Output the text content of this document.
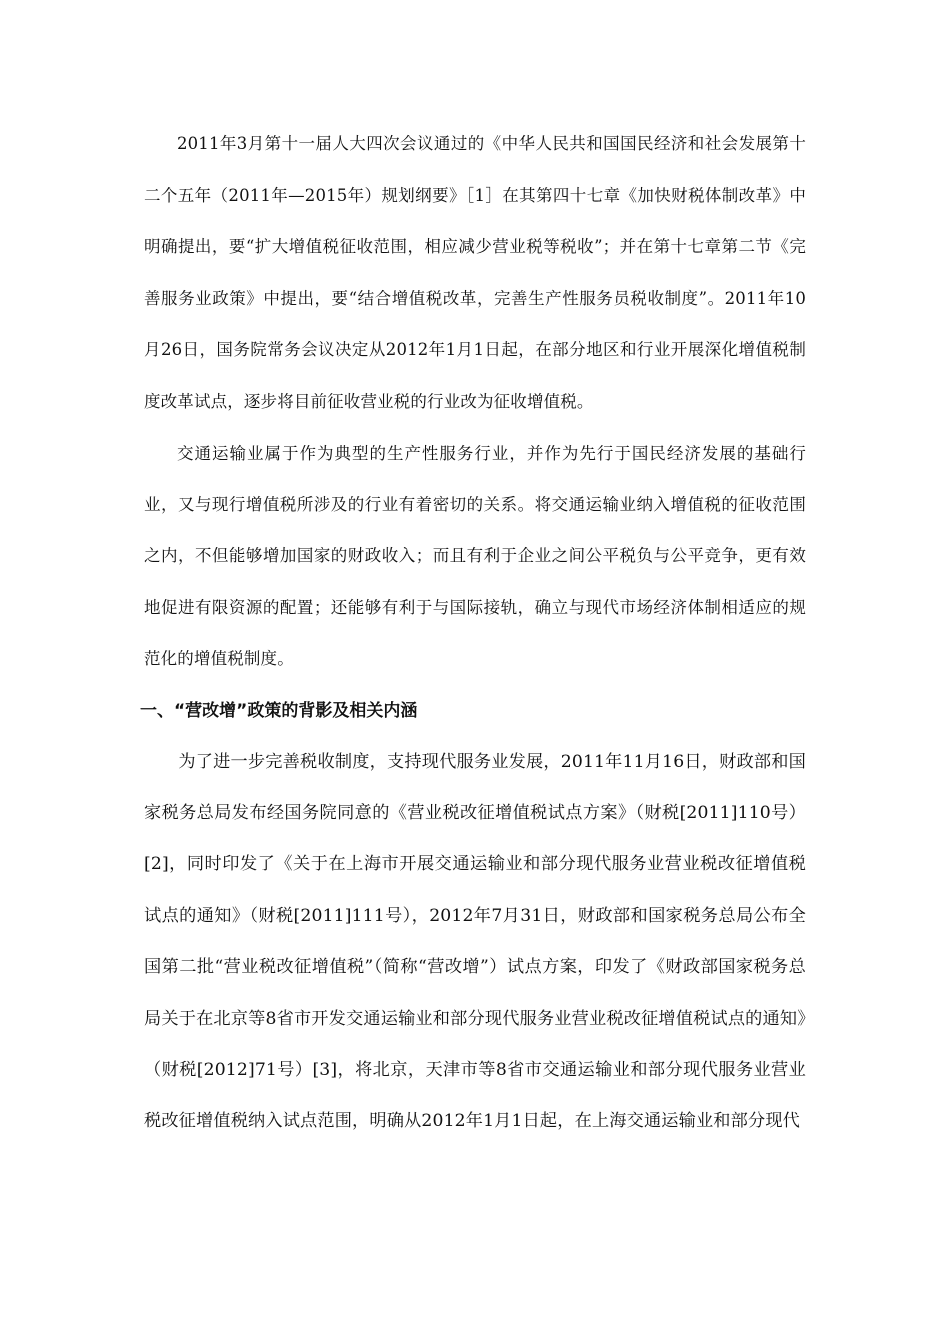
2011年3月第十一届人大四次会议通过的《中华人民共和国国民经济和社会发展第十二个五年（2011年—2015年）规划纲要》［1］在其第四十七章《加快财税体制改革》中明确提出，要“扩大增值税征收范围，相应减少营业税等税收”；并在第十七章第二节《完善服务业政策》中提出，要“结合增值税改革，完善生产性服务员税收制度”。2011年10月26日，国务院常务会议决定从2012年1月1日起，在部分地区和行业开展深化增值税制度改革试点，逐步将目前征收营业税的行业改为征收增值税。

交通运输业属于作为典型的生产性服务行业，并作为先行于国民经济发展的基础行业，又与现行增值税所涉及的行业有着密切的关系。将交通运输业纳入增值税的征收范围之内，不但能够增加国家的财政收入；而且有利于企业之间公平税负与公平竞争，更有效地促进有限资源的配置；还能够有利于与国际接轨，确立与现代市场经济体制相适应的规范化的增值税制度。

一、“营改增”政策的背影及相关内涵

为了进一步完善税收制度，支持现代服务业发展，2011年11月16日，财政部和国家税务总局发布经国务院同意的《营业税改征增值税试点方案》（财税[2011]110号）[2]，同时印发了《关于在上海市开展交通运输业和部分现代服务业营业税改征增值税试点的通知》（财税[2011]111号），2012年7月31日，财政部和国家税务总局公布全国第二批“营业税改征增值税”（简称“营改增”）试点方案，印发了《财政部国家税务总局关于在北京等8省市开发交通运输业和部分现代服务业营业税改征增值税试点的通知》（财税[2012]71号）[3]，将北京，天津市等8省市交通运输业和部分现代服务业营业税改征增值税纳入试点范围，明确从2012年1月1日起，在上海交通运输业和部分现代
